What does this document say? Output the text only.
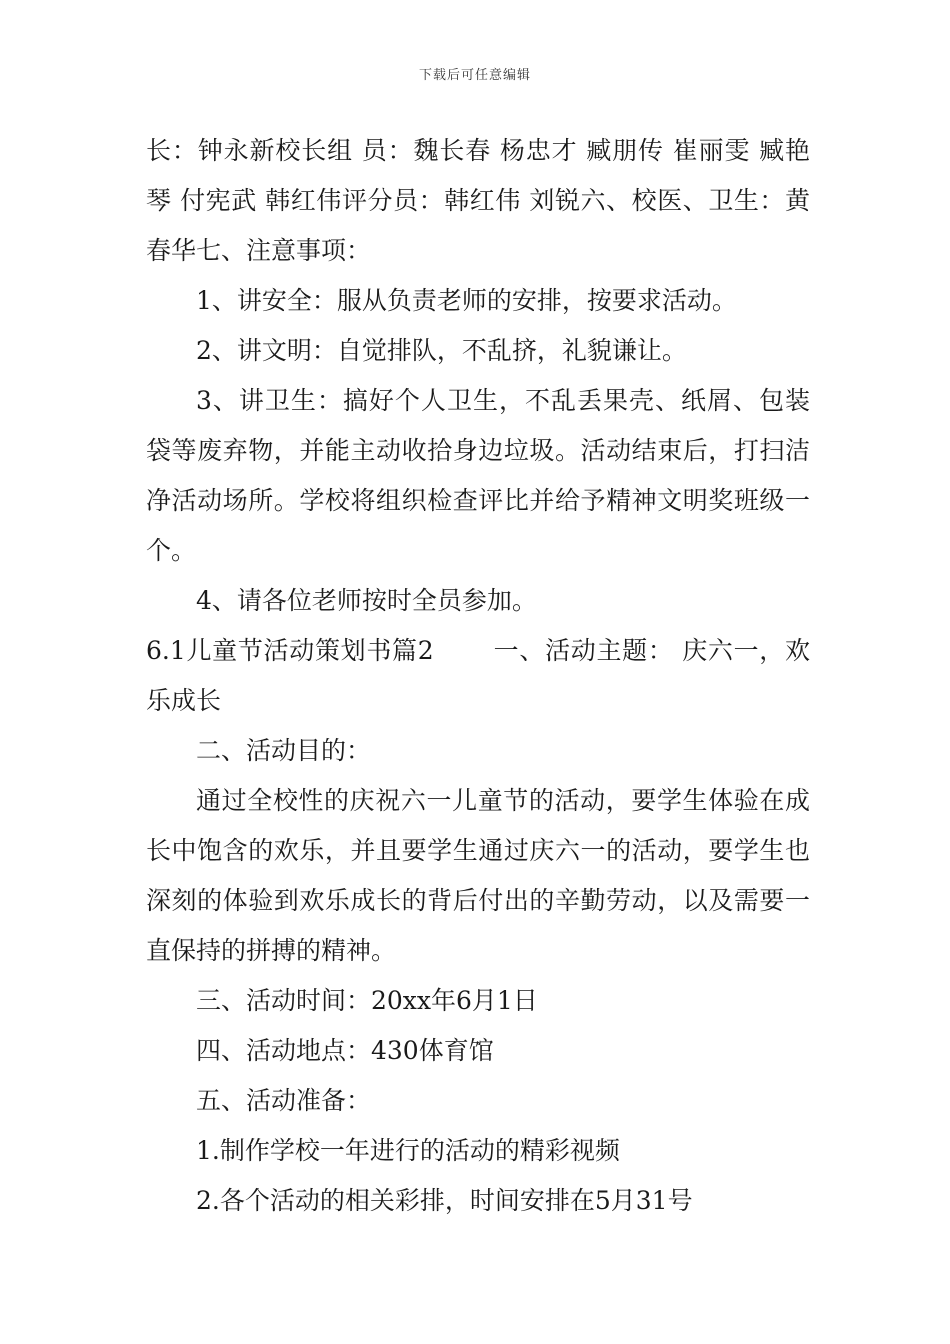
下载后可任意编辑

长：钟永新校长组 员：魏长春 杨忠才 臧朋传 崔丽雯 臧艳琴 付宪武 韩红伟评分员：韩红伟 刘锐六、校医、卫生：黄春华七、注意事项：

1、讲安全：服从负责老师的安排，按要求活动。

2、讲文明：自觉排队，不乱挤，礼貌谦让。

3、讲卫生：搞好个人卫生，不乱丢果壳、纸屑、包装袋等废弃物，并能主动收拾身边垃圾。活动结束后，打扫洁净活动场所。学校将组织检查评比并给予精神文明奖班级一个。

4、请各位老师按时全员参加。

6.1儿童节活动策划书篇2 　　一、活动主题： 庆六一，欢乐成长

二、活动目的：

通过全校性的庆祝六一儿童节的活动，要学生体验在成长中饱含的欢乐，并且要学生通过庆六一的活动，要学生也深刻的体验到欢乐成长的背后付出的辛勤劳动，以及需要一直保持的拼搏的精神。

三、活动时间：20xx年6月1日

四、活动地点：430体育馆

五、活动准备：

1.制作学校一年进行的活动的精彩视频

2.各个活动的相关彩排，时间安排在5月31号
